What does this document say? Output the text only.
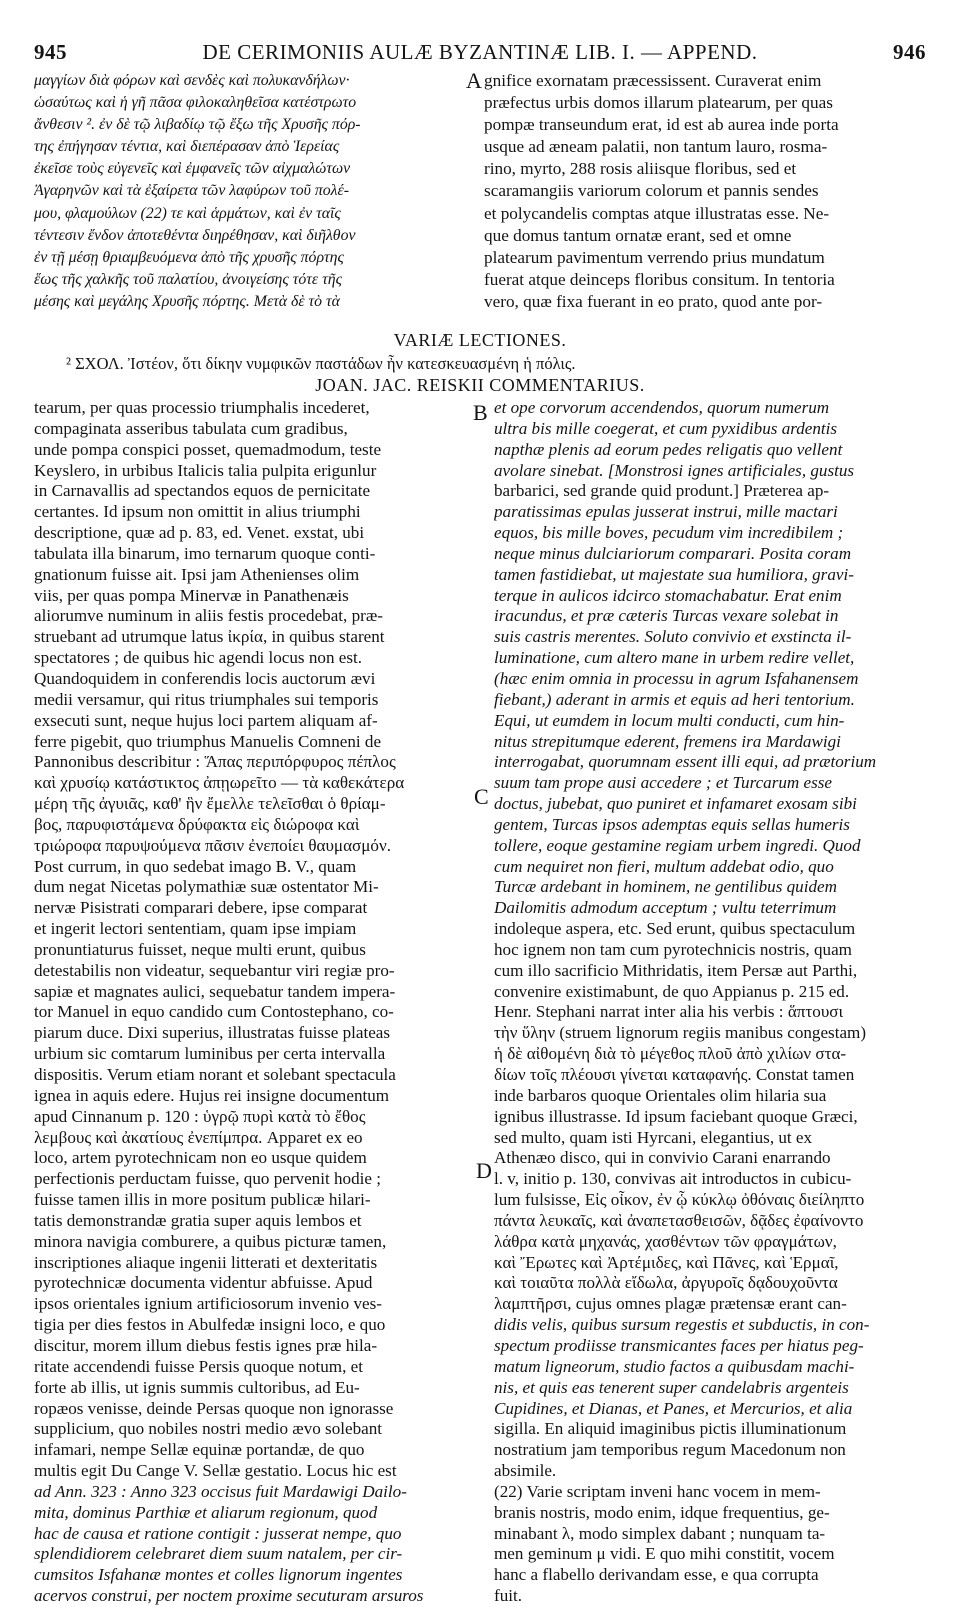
945	DE CERIMONIIS AULÆ BYZANTINÆ LIB. I. — APPEND.	946
μαγγίων διὰ φόρων καὶ σενδὲς καὶ πολυκανδήλων·
ὡσαύτως καὶ ἡ γῆ πᾶσα φιλοκαληθεῖσα κατέστρωτο
ἄνθεσιν ². ἐν δὲ τῷ λιβαδίῳ τῷ ἔξω τῆς Χρυσῆς πόρ-
της ἐπήγησαν τέντια, καὶ διεπέρασαν ἀπὸ Ἱερείας
ἐκεῖσε τοὺς εὐγενεῖς καὶ ἐμφανεῖς τῶν αἰχμαλώτων
Ἀγαρηνῶν καὶ τὰ ἐξαίρετα τῶν λαφύρων τοῦ πολέ-
μου, φλαμούλων (22) τε καὶ ἁρμάτων, καὶ ἐν ταῖς
τέντεσιν ἔνδον ἀποτεθέντα διηρέθησαν, καὶ διῆλθον
ἐν τῇ μέσῃ θριαμβευόμενα ἀπὸ τῆς χρυσῆς πόρτης
ἕως τῆς χαλκῆς τοῦ παλατίου, ἀνοιγείσης τότε τῆς
μέσης καὶ μεγάλης Χρυσῆς πόρτης. Μετὰ δὲ τὸ τὰ
gnifice exornatam præcessissent. Curaverat enim
præfectus urbis domos illarum platearum, per quas
pompæ transeundum erat, id est ab aurea inde porta
usque ad æneam palatii, non tantum lauro, rosma-
rino, myrto, 288 rosis aliisque floribus, sed et
scaramangiis variorum colorum et pannis sendes
et polycandelis comptas atque illustratas esse. Ne-
que domus tantum ornatæ erant, sed et omne
platearum pavimentum verrendo prius mundatum
fuerat atque deinceps floribus consitum. In tentoria
vero, quæ fixa fuerant in eo prato, quod ante por-
VARIÆ LECTIONES.
² ΣΧΟΛ. Ἰστέον, ὅτι δίκην νυμφικῶν παστάδων ἦν κατεσκευασμένη ἡ πόλις.
JOAN. JAC. REISKII COMMENTARIUS.
tearum, per quas processio triumphalis incederet,
compaginata asseribus tabulata cum gradibus,
unde pompa conspici posset, quemadmodum, teste
Keyslero, in urbibus Italicis talia pulpita erigunlur
in Carnavallis ad spectandos equos de pernicitate
certantes. Id ipsum non omittit in alius triumphi
descriptione, quæ ad p. 83, ed. Venet. exstat, ubi
tabulata illa binarum, imo ternarum quoque conti-
gnationum fuisse ait. Ipsi jam Athenienses olim
viis, per quas pompa Minervæ in Panathenæis
aliorumve numinum in aliis festis procedebat, præ-
struebant ad utrumque latus ἰκρία, in quibus starent
spectatores ; de quibus hic agendi locus non est.
Quandoquidem in conferendis locis auctorum ævi
medii versamur, qui ritus triumphales sui temporis
exsecuti sunt, neque hujus loci partem aliquam af-
ferre pigebit, quo triumphus Manuelis Comneni de
Pannonibus describitur : Ἅπας περιπόρφυρος πέπλος
καὶ χρυσίῳ κατάστικτος ἀπῃωρεῖτο — τὰ καθεκάτερα
μέρη τῆς ἀγυιᾶς, καθ' ἣν ἔμελλε τελεῖσθαι ὁ θρίαμ-
βος, παρυφιστάμενα δρύφακτα εἰς διώροφα καὶ
τριώροφα παρυψούμενα πᾶσιν ἐνεποίει θαυμασμόν.
Post currum, in quo sedebat imago B. V., quam
dum negat Nicetas polymathiæ suæ ostentator Mi-
nervæ Pisistrati comparari debere, ipse comparat
et ingerit lectori sententiam, quam ipse impiam
pronuntiaturus fuisset, neque multi erunt, quibus
detestabilis non videatur, sequebantur viri regiæ pro-
sapiæ et magnates aulici, sequebatur tandem impera-
tor Manuel in equo candido cum Contostephano, co-
piarum duce. Dixi superius, illustratas fuisse plateas
urbium sic comtarum luminibus per certa intervalla
dispositis. Verum etiam norant et solebant spectacula
ignea in aquis edere. Hujus rei insigne documentum
apud Cinnanum p. 120 : ὑγρῷ πυρὶ κατὰ τὸ ἔθος
λεμβους καὶ ἀκατίους ἐνεπίμπρα. Apparet ex eo
loco, artem pyrotechnicam non eo usque quidem
perfectionis perductam fuisse, quo pervenit hodie ;
fuisse tamen illis in more positum publicæ hilari-
tatis demonstrandæ gratia super aquis lembos et
minora navigia comburere, a quibus picturæ tamen,
inscriptiones aliaque ingenii litterati et dexteritatis
pyrotechnicæ documenta videntur abfuisse. Apud
ipsos orientales ignium artificiosorum invenio ves-
tigia per dies festos in Abulfedæ insigni loco, e quo
discitur, morem illum diebus festis ignes præ hila-
ritate accendendi fuisse Persis quoque notum, et
forte ab illis, ut ignis summis cultoribus, ad Eu-
ropæos venisse, deinde Persas quoque non ignorasse
supplicium, quo nobiles nostri medio ævo solebant
infamari, nempe Sellæ equinæ portandæ, de quo
multis egit Du Cange V. Sellæ gestatio. Locus hic est
ad Ann. 323 : Anno 323 occisus fuit Mardawigi Dailo-
mita, dominus Parthiæ et aliarum regionum, quod
hac de causa et ratione contigit : jusserat nempe, quo
splendidiorem celebraret diem suum natalem, per cir-
cumsitos Isfahanæ montes et colles lignorum ingentes
acervos construi, per noctem proxime secuturam arsuros
et ope corvorum accendendos, quorum numerum
ultra bis mille coegerat, et cum pyxidibus ardentis
napthæ plenis ad eorum pedes religatis quo vellent
avolare sinebat. [Monstrosi ignes artificiales, gustus
barbarici, sed grande quid produnt.] Præterea ap-
paratissimas epulas jusserat instrui, mille mactari
equos, bis mille boves, pecudum vim incredibilem ;
neque minus dulciariorum comparari. Posita coram
tamen fastidiebat, ut majestate sua humiliora, gravi-
terque in aulicos idcirco stomachabatur. Erat enim
iracundus, et præ cæteris Turcas vexare solebat in
suis castris merentes. Soluto convivio et exstincta il-
luminatione, cum altero mane in urbem redire vellet,
(hæc enim omnia in processu in agrum Isfahanensem
fiebant,) aderant in armis et equis ad heri tentorium.
Equi, ut eumdem in locum multi conducti, cum hin-
nitus strepitumque ederent, fremens ira Mardawigi
interrogabat, quorumnam essent illi equi, ad prætorium
suum tam prope ausi accedere ; et Turcarum esse
doctus, jubebat, quo puniret et infamaret exosam sibi
gentem, Turcas ipsos ademptas equis sellas humeris
tollere, eoque gestamine regiam urbem ingredi. Quod
cum nequiret non fieri, multum addebat odio, quo
Turcæ ardebant in hominem, ne gentilibus quidem
Dailomitis admodum acceptum ; vultu teterrimum
indoleque aspera, etc. Sed erunt, quibus spectaculum
hoc ignem non tam cum pyrotechnicis nostris, quam
cum illo sacrificio Mithridatis, item Persæ aut Parthi,
convenire existimabunt, de quo Appianus p. 215 ed.
Henr. Stephani narrat inter alia his verbis : ἅπτουσι
τὴν ὕλην (struem lignorum regiis manibus congestam)
ἡ δὲ αἰθομένη διὰ τὸ μέγεθος πλοῦ ἀπὸ χιλίων στα-
δίων τοῖς πλέουσι γίνεται καταφανής. Constat tamen
inde barbaros quoque Orientales olim hilaria sua
ignibus illustrasse. Id ipsum faciebant quoque Græci,
sed multo, quam isti Hyrcani, elegantius, ut ex
Athenæo disco, qui in convivio Carani enarrando
l. v, initio p. 130, convivas ait introductos in cubicu-
lum fulsisse, Εἰς οἶκον, ἐν ᾧ κύκλῳ ὀθόναις διείληπτο
πάντα λευκαῖς, καὶ ἀναπετασθεισῶν, δᾷδες ἐφαίνοντο
λάθρα κατὰ μηχανάς, χασθέντων τῶν φραγμάτων,
καὶ Ἔρωτες καὶ Ἀρτέμιδες, καὶ Πᾶνες, καὶ Ἑρμαῖ,
καὶ τοιαῦτα πολλὰ εἴδωλα, ἀργυροῖς δᾳδουχοῦντα
λαμπτῆρσι, cujus omnes plagæ prætensæ erant can-
didis velis, quibus sursum regestis et subductis, in con-
spectum prodiisse transmicantes faces per hiatus peg-
matum ligneorum, studio factos a quibusdam machi-
nis, et quis eas tenerent super candelabris argenteis
Cupidines, et Dianas, et Panes, et Mercurios, et alia
sigilla. En aliquid imaginibus pictis illuminationum
nostratium jam temporibus regum Macedonum non
absimile.
(22) Varie scriptam inveni hanc vocem in mem-
branis nostris, modo enim, idque frequentius, ge-
minabant λ, modo simplex dabant ; nunquam ta-
men geminum μ vidi. E quo mihi constitit, vocem
hanc a flabello derivandam esse, e qua corrupta
fuit.
A
B
C
D
